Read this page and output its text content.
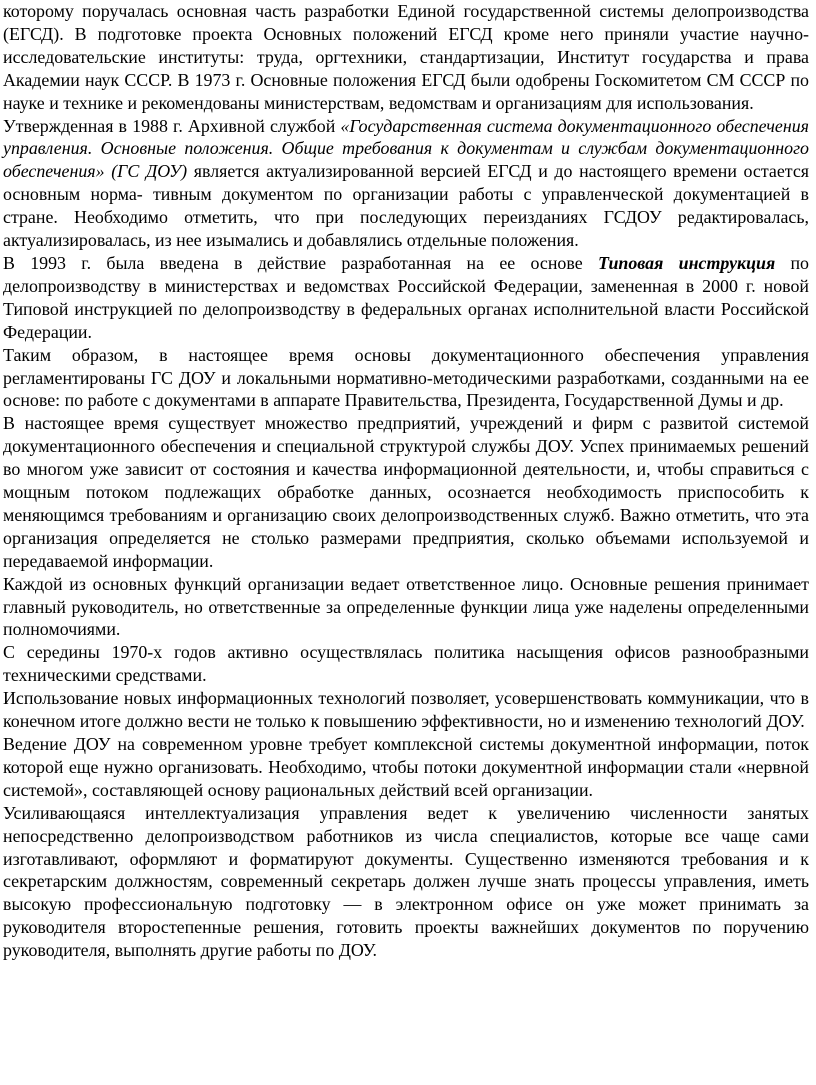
которому поручалась основная часть разработки Единой государственной системы делопроизводства (ЕГСД). В подготовке проекта Основных положений ЕГСД кроме него приняли участие научно-исследовательские институты: труда, оргтехники, стандартизации, Институт государства и права Академии наук СССР. В 1973 г. Основные положения ЕГСД были одобрены Госкомитетом СМ СССР по науке и технике и рекомендованы министерствам, ведомствам и организациям для использования.

Утвержденная в 1988 г. Архивной службой «Государственная система документационного обеспечения управления. Основные положения. Общие требования к документам и службам документационного обеспечения» (ГС ДОУ) является актуализированной версией ЕГСД и до настоящего времени остается основным норма- тивным документом по организации работы с управленческой документацией в стране. Необходимо отметить, что при последующих переизданиях ГСДОУ редактировалась, актуализировалась, из нее изымались и добавлялись отдельные положения.

В 1993 г. была введена в действие разработанная на ее основе Типовая инструкция по делопроизводству в министерствах и ведомствах Российской Федерации, замененная в 2000 г. новой Типовой инструкцией по делопроизводству в федеральных органах исполнительной власти Российской Федерации.

Таким образом, в настоящее время основы документационного обеспечения управления регламентированы ГС ДОУ и локальными нормативно-методическими разработками, созданными на ее основе: по работе с документами в аппарате Правительства, Президента, Государственной Думы и др.

В настоящее время существует множество предприятий, учреждений и фирм с развитой системой документационного обеспечения и специальной структурой службы ДОУ. Успех принимаемых решений во многом уже зависит от состояния и качества информационной деятельности, и, чтобы справиться с мощным потоком подлежащих обработке данных, осознается необходимость приспособить к меняющимся требованиям и организацию своих делопроизводственных служб. Важно отметить, что эта организация определяется не столько размерами предприятия, сколько объемами используемой и передаваемой информации.

Каждой из основных функций организации ведает ответственное лицо. Основные решения принимает главный руководитель, но ответственные за определенные функции лица уже наделены определенными полномочиями.

С середины 1970-х годов активно осуществлялась политика насыщения офисов разнообразными техническими средствами.

Использование новых информационных технологий позволяет, усовершенствовать коммуникации, что в конечном итоге должно вести не только к повышению эффективности, но и изменению технологий ДОУ.

Ведение ДОУ на современном уровне требует комплексной системы документной информации, поток которой еще нужно организовать. Необходимо, чтобы потоки документной информации стали «нервной системой», составляющей основу рациональных действий всей организации.

Усиливающаяся интеллектуализация управления ведет к увеличению численности занятых непосредственно делопроизводством работников из числа специалистов, которые все чаще сами изготавливают, оформляют и форматируют документы. Существенно изменяются требования и к секретарским должностям, современный секретарь должен лучше знать процессы управления, иметь высокую профессиональную подготовку — в электронном офисе он уже может принимать за руководителя второстепенные решения, готовить проекты важнейших документов по поручению руководителя, выполнять другие работы по ДОУ.
